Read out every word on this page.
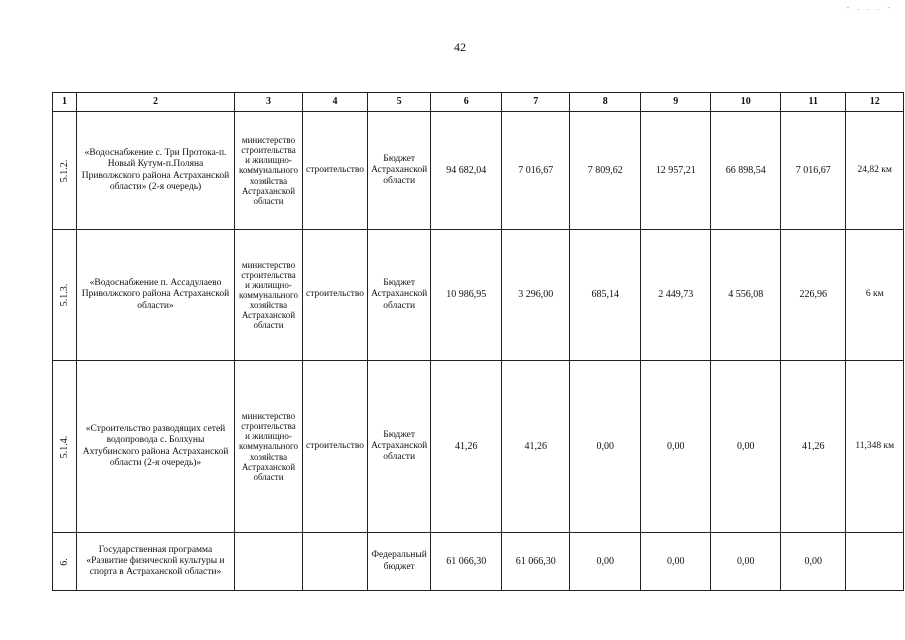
- . . . -
42
1	2	3	4	5	6	7	8	9	10	11	12

5.1.2.	«Водоснабжение с. Три Протока-п. Новый Кутум-п.Поляна Приволжского района Астраханской области» (2-я очередь)	министерство строительства и жилищно-коммунального хозяйства Астраханской области	строительство	Бюджет Астраханской области	94 682,04	7 016,67	7 809,62	12 957,21	66 898,54	7 016,67	24,82 км

5.1.3.	«Водоснабжение п. Ассадулаево Приволжского района Астраханской области»	министерство строительства и жилищно-коммунального хозяйства Астраханской области	строительство	Бюджет Астраханской области	10 986,95	3 296,00	685,14	2 449,73	4 556,08	226,96	6 км

5.1.4.	«Строительство разводящих сетей водопровода с. Болхуны Ахтубинского района Астраханской области (2-я очередь)»	министерство строительства и жилищно-коммунального хозяйства Астраханской области	строительство	Бюджет Астраханской области	41,26	41,26	0,00	0,00	0,00	41,26	11,348 км

6.	Государственная программа «Развитие физической культуры и спорта в Астраханской области»			Федеральный бюджет	61 066,30	61 066,30	0,00	0,00	0,00	0,00	
